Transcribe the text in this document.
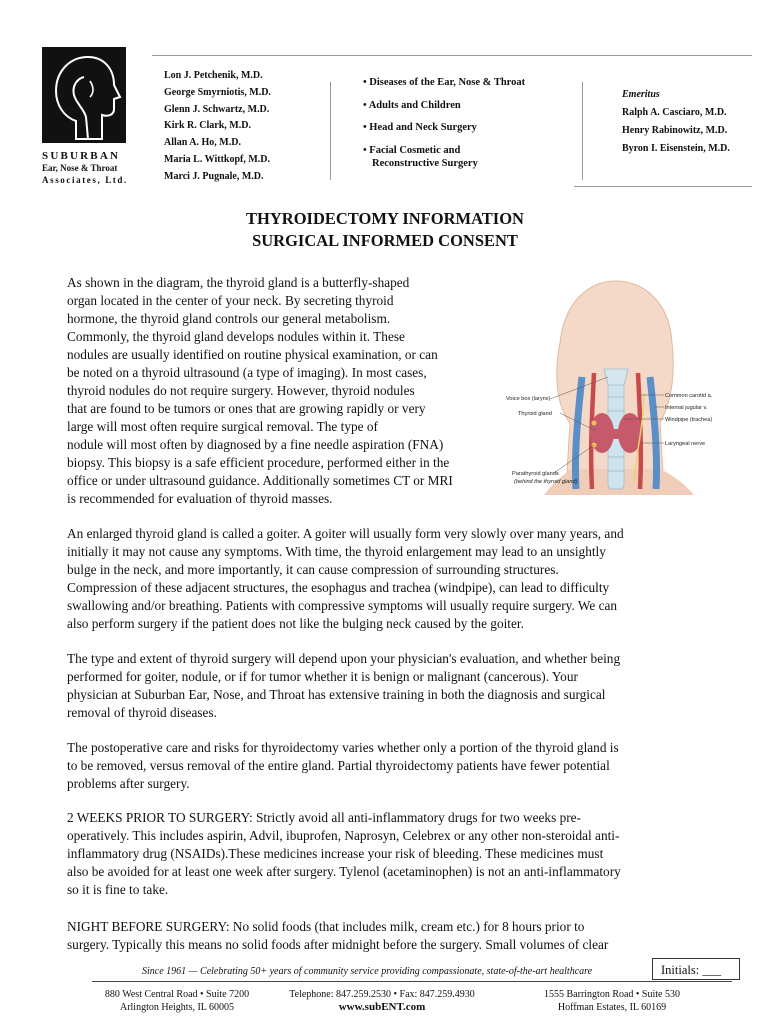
SUBURBAN
Ear, Nose & Throat
Associates, Ltd.
Lon J. Petchenik, M.D.
George Smyrniotis, M.D.
Glenn J. Schwartz, M.D.
Kirk R. Clark, M.D.
Allan A. Ho, M.D.
Maria L. Wittkopf, M.D.
Marci J. Pugnale, M.D.
• Diseases of the Ear, Nose & Throat
• Adults and Children
• Head and Neck Surgery
• Facial Cosmetic and
Reconstructive Surgery
Emeritus
Ralph A. Casciaro, M.D.
Henry Rabinowitz, M.D.
Byron I. Eisenstein, M.D.
THYROIDECTOMY INFORMATION
SURGICAL INFORMED CONSENT
As shown in the diagram, the thyroid gland is a butterfly-shaped
organ located in the center of your neck. By secreting thyroid
hormone, the thyroid gland controls our general metabolism.
Commonly, the thyroid gland develops nodules within it. These
nodules are usually identified on routine physical examination, or can
be noted on a thyroid ultrasound (a type of imaging). In most cases,
thyroid nodules do not require surgery. However, thyroid nodules
that are found to be tumors or ones that are growing rapidly or very
large will most often require surgical removal. The type of
nodule will most often by diagnosed by a fine needle aspiration (FNA)
biopsy. This biopsy is a safe efficient procedure, performed either in the
office or under ultrasound guidance. Additionally sometimes CT or MRI
is recommended for evaluation of thyroid masses.
Voice box (larynx)
Thyroid gland
Parathyroid glands
(behind the thyroid gland)
Common carotid a.
Internal jugular v.
Windpipe (trachea)
Laryngeal nerve
An enlarged thyroid gland is called a goiter. A goiter will usually form very slowly over many years, and
initially it may not cause any symptoms. With time, the thyroid enlargement may lead to an unsightly
bulge in the neck, and more importantly, it can cause compression of surrounding structures.
Compression of these adjacent structures, the esophagus and trachea (windpipe), can lead to difficulty
swallowing and/or breathing. Patients with compressive symptoms will usually require surgery. We can
also perform surgery if the patient does not like the bulging neck caused by the goiter.
The type and extent of thyroid surgery will depend upon your physician's evaluation, and whether being
performed for goiter, nodule, or if for tumor whether it is benign or malignant (cancerous). Your
physician at Suburban Ear, Nose, and Throat has extensive training in both the diagnosis and surgical
removal of thyroid diseases.
The postoperative care and risks for thyroidectomy varies whether only a portion of the thyroid gland is
to be removed, versus removal of the entire gland. Partial thyroidectomy patients have fewer potential
problems after surgery.
2 WEEKS PRIOR TO SURGERY: Strictly avoid all anti-inflammatory drugs for two weeks pre-
operatively. This includes aspirin, Advil, ibuprofen, Naprosyn, Celebrex or any other non-steroidal anti-
inflammatory drug (NSAIDs).These medicines increase your risk of bleeding. These medicines must
also be avoided for at least one week after surgery. Tylenol (acetaminophen) is not an anti-inflammatory
so it is fine to take.
NIGHT BEFORE SURGERY: No solid foods (that includes milk, cream etc.) for 8 hours prior to
surgery. Typically this means no solid foods after midnight before the surgery. Small volumes of clear
Since 1961 — Celebrating 50+ years of community service providing compassionate, state-of-the-art healthcare	Initials: ___
880 West Central Road • Suite 7200
Arlington Heights, IL 60005
Telephone: 847.259.2530 • Fax: 847.259.4930
www.subENT.com
1555 Barrington Road • Suite 530
Hoffman Estates, IL 60169
